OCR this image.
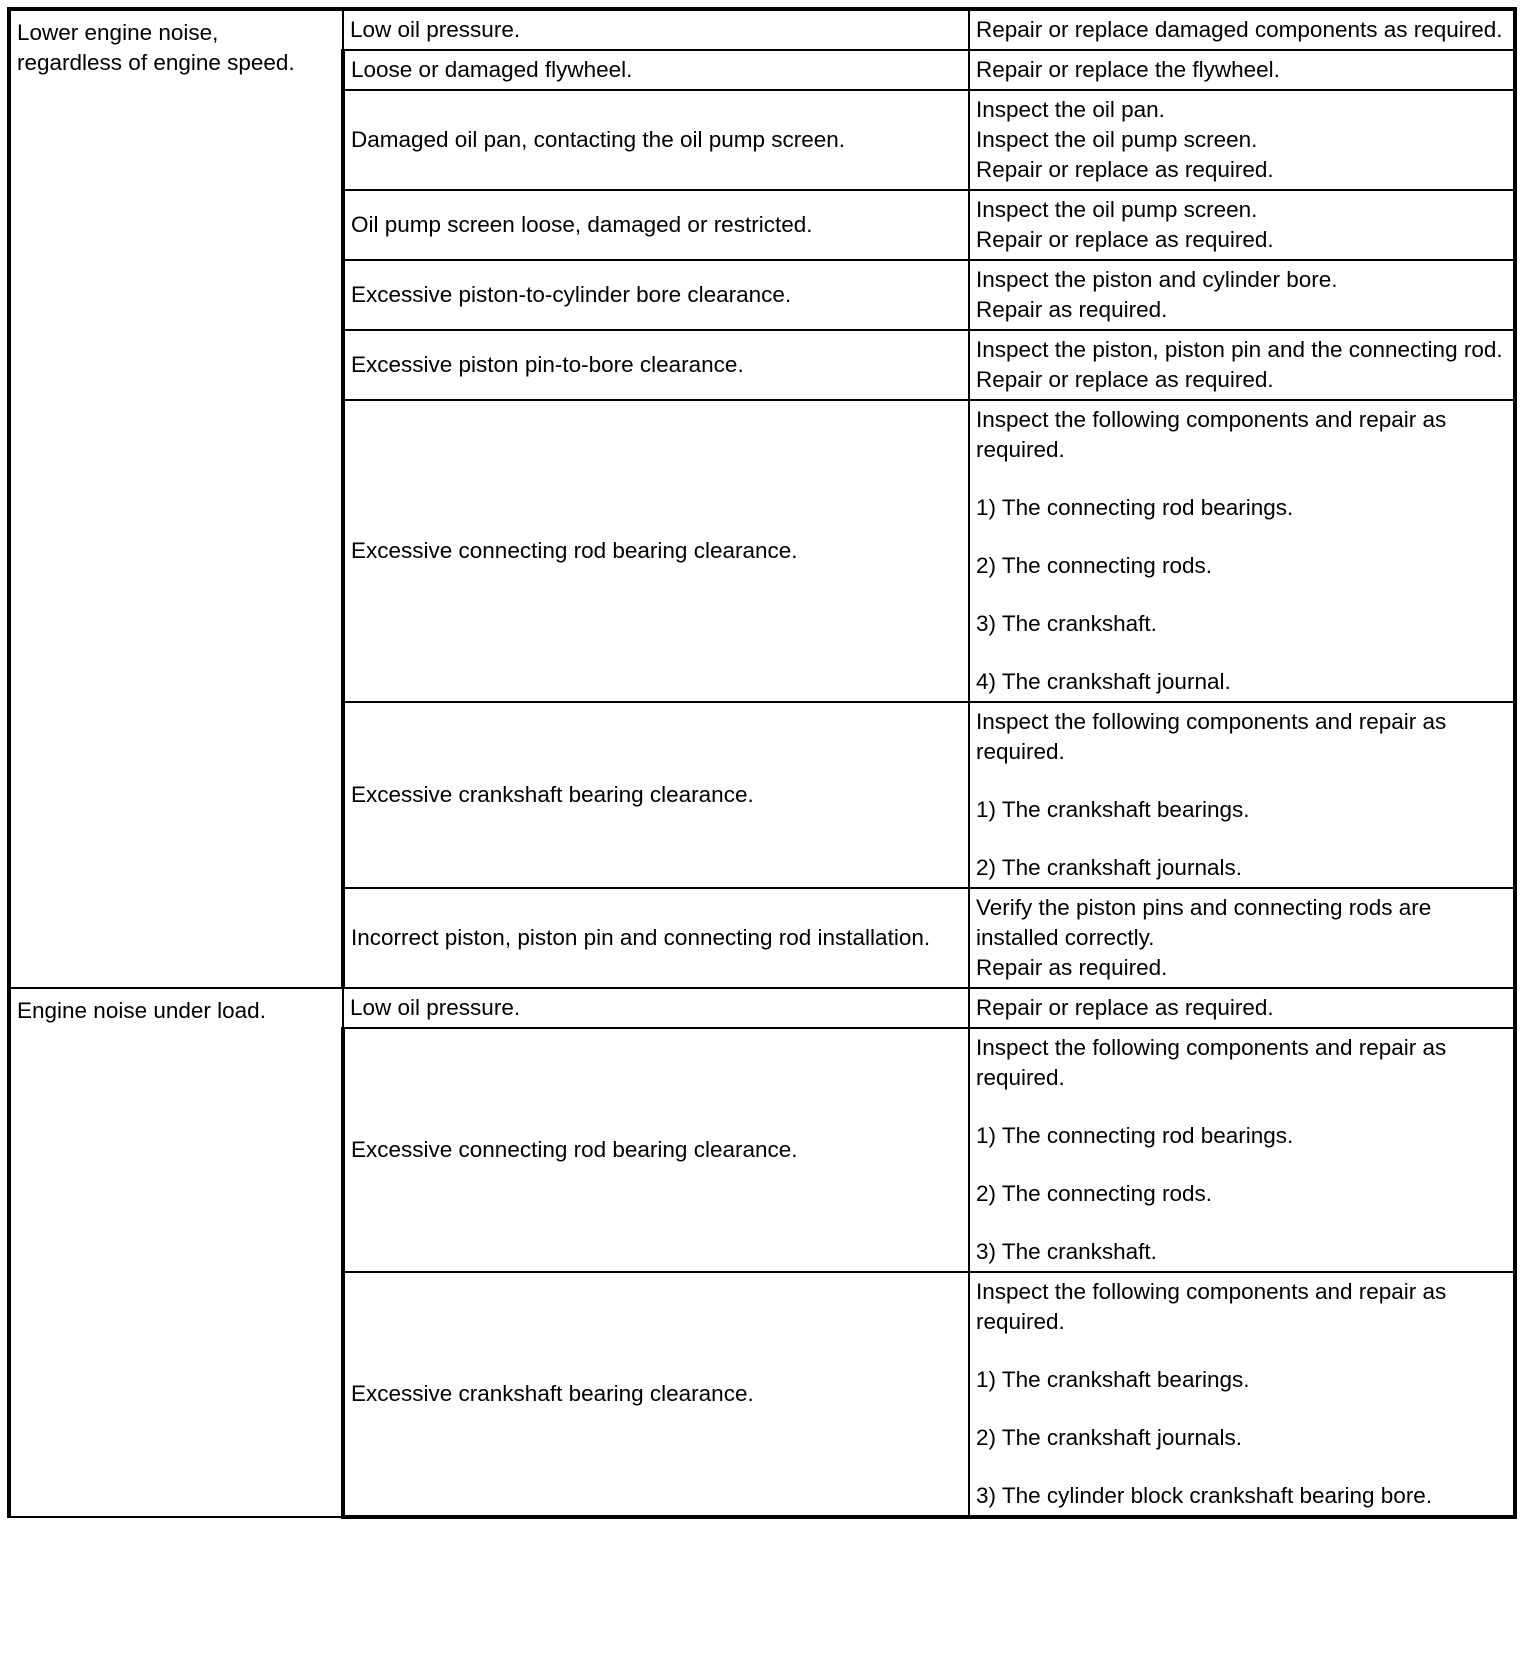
Lower engine noise,
regardless of engine speed.	Low oil pressure.	Repair or replace damaged components as required.

	Loose or damaged flywheel.	Repair or replace the flywheel.

	Damaged oil pan, contacting the oil pump screen.	Inspect the oil pan.
Inspect the oil pump screen.
Repair or replace as required.

	Oil pump screen loose, damaged or restricted.	Inspect the oil pump screen.
Repair or replace as required.

	Excessive piston-to-cylinder bore clearance.	Inspect the piston and cylinder bore.
Repair as required.

	Excessive piston pin-to-bore clearance.	Inspect the piston, piston pin and the connecting rod.
Repair or replace as required.

	Excessive connecting rod bearing clearance.	Inspect the following components and repair as required.
1) The connecting rod bearings.
2) The connecting rods.
3) The crankshaft.
4) The crankshaft journal.

	Excessive crankshaft bearing clearance.	Inspect the following components and repair as required.
1) The crankshaft bearings.
2) The crankshaft journals.

	Incorrect piston, piston pin and connecting rod installation.	Verify the piston pins and connecting rods are installed correctly.
Repair as required.

Engine noise under load.	Low oil pressure.	Repair or replace as required.

	Excessive connecting rod bearing clearance.	Inspect the following components and repair as required.
1) The connecting rod bearings.
2) The connecting rods.
3) The crankshaft.

	Excessive crankshaft bearing clearance.	Inspect the following components and repair as required.
1) The crankshaft bearings.
2) The crankshaft journals.
3) The cylinder block crankshaft bearing bore.
